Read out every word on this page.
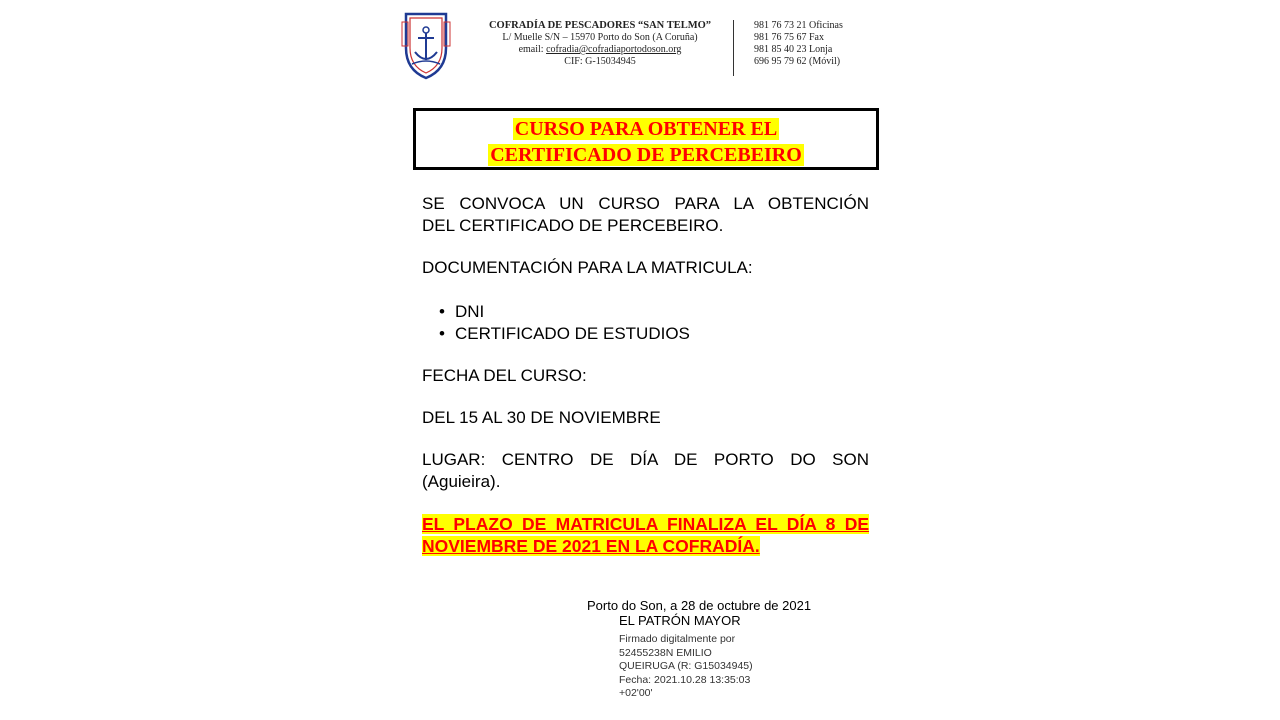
COFRADÍA DE PESCADORES “SAN TELMO”
L/ Muelle S/N – 15970 Porto do Son (A Coruña)
email: cofradia@cofradiaportodoson.org
CIF: G-15034945
981 76 73 21 Oficinas
981 76 75 67 Fax
981 85 40 23 Lonja
696 95 79 62 (Móvil)
CURSO PARA OBTENER EL
CERTIFICADO DE PERCEBEIRO

SE CONVOCA UN CURSO PARA LA OBTENCIÓN

DEL CERTIFICADO DE PERCEBEIRO.

DOCUMENTACIÓN PARA LA MATRICULA:

• DNI
• CERTIFICADO DE ESTUDIOS

FECHA DEL CURSO:

DEL 15 AL 30 DE NOVIEMBRE

LUGAR: CENTRO DE DÍA DE PORTO DO SON

(Aguieira).

EL PLAZO DE MATRICULA FINALIZA EL DÍA 8 DE

NOVIEMBRE DE 2021 EN LA COFRADÍA.

Porto do Son, a 28 de octubre de 2021
EL PATRÓN MAYOR
Firmado digitalmente por
52455238N EMILIO
QUEIRUGA (R: G15034945)
Fecha: 2021.10.28 13:35:03
+02'00'
